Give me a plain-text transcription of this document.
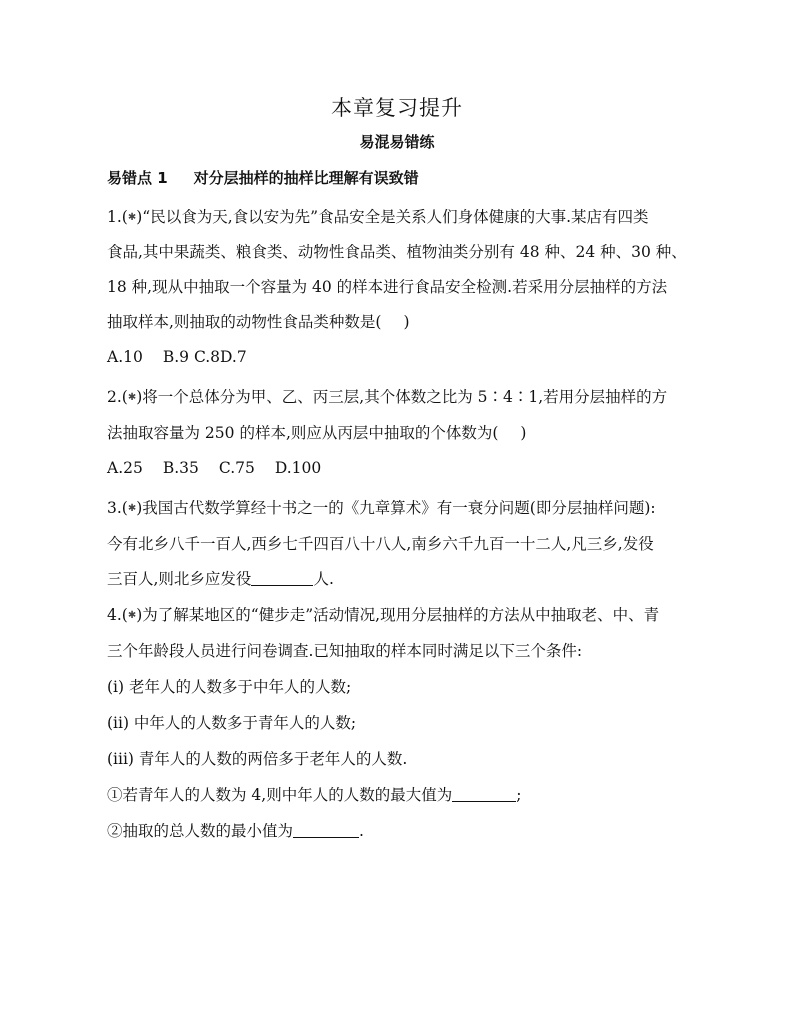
本章复习提升
易混易错练
易错点 1 对分层抽样的抽样比理解有误致错
1.(✱)“民以食为天,食以安为先”食品安全是关系人们身体健康的大事.某店有四类
食品,其中果蔬类、粮食类、动物性食品类、植物油类分别有 48 种、24 种、30 种、
18 种,现从中抽取一个容量为 40 的样本进行食品安全检测.若采用分层抽样的方法
抽取样本,则抽取的动物性食品类种数是( )
A.10 B.9 C.8D.7
2.(✱)将一个总体分为甲、乙、丙三层,其个体数之比为 5∶4∶1,若用分层抽样的方
法抽取容量为 250 的样本,则应从丙层中抽取的个体数为( )
A.25 B.35 C.75 D.100
3.(✱)我国古代数学算经十书之一的《九章算术》有一衰分问题(即分层抽样问题):
今有北乡八千一百人,西乡七千四百八十八人,南乡六千九百一十二人,凡三乡,发役
三百人,则北乡应发役	人.
4.(✱)为了解某地区的“健步走”活动情况,现用分层抽样的方法从中抽取老、中、青
三个年龄段人员进行问卷调查.已知抽取的样本同时满足以下三个条件:
(i) 老年人的人数多于中年人的人数;
(ii) 中年人的人数多于青年人的人数;
(iii) 青年人的人数的两倍多于老年人的人数.
①若青年人的人数为 4,则中年人的人数的最大值为	;
②抽取的总人数的最小值为	.
